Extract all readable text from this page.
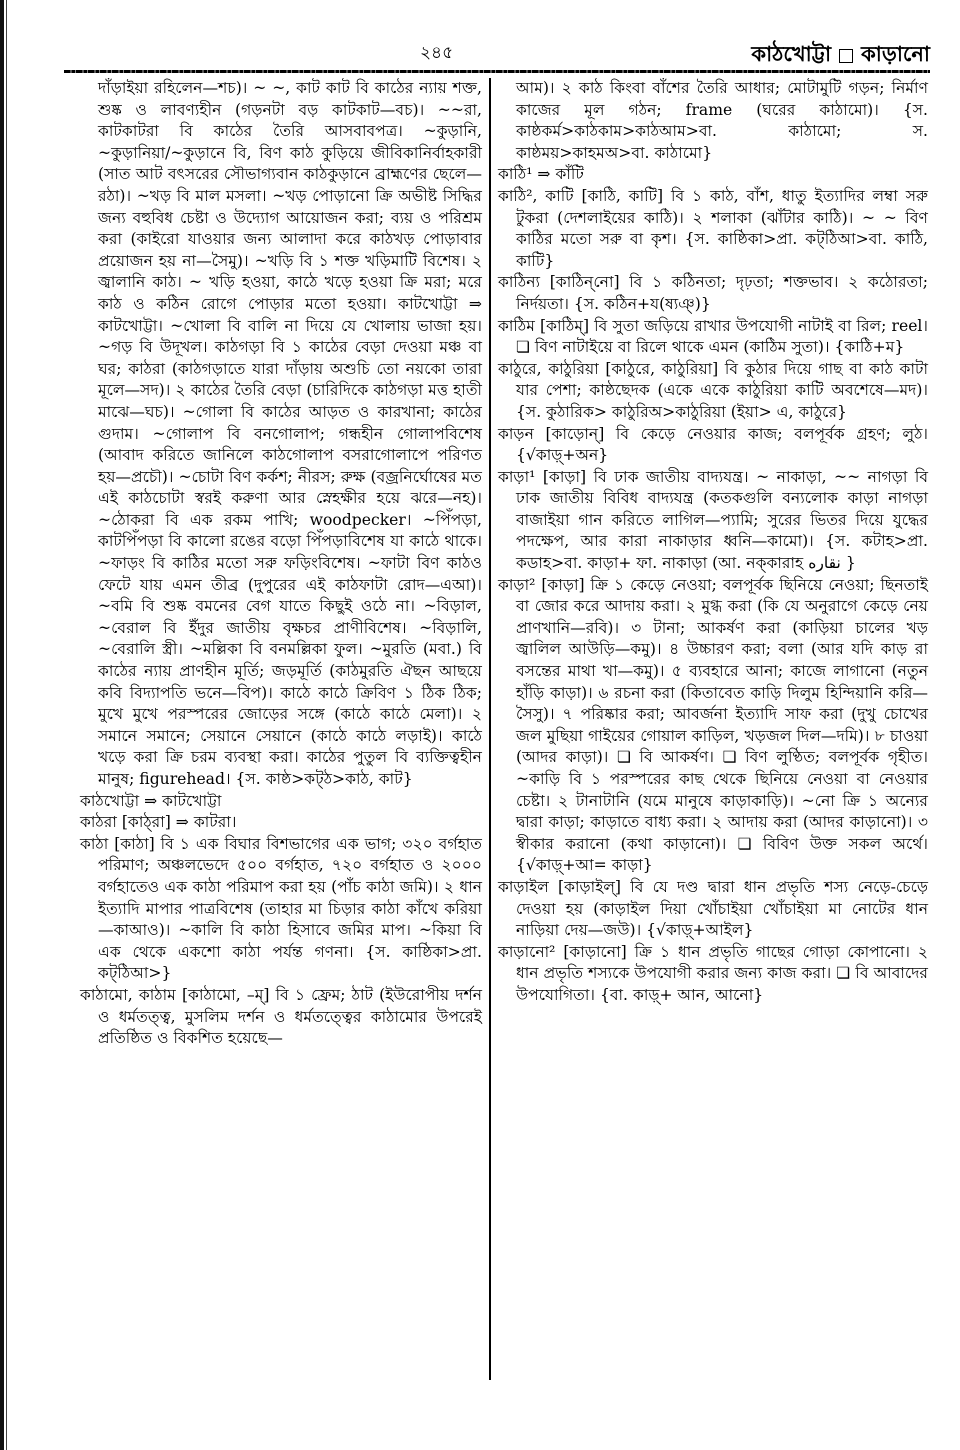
২৪৫	কাঠখোট্টা কাড়ানো

দাঁড়াইয়া রহিলেন—শচ)। ~ ~, কাট কাট বি কাঠের ন্যায় শক্ত, শুষ্ক ও লাবণ্যহীন (গড়নটা বড় কাটকাট—বচ)। ~~রা, কাটকাটরা বি কাঠের তৈরি আসবাবপত্র। ~কুড়ানি, ~কুড়ানিয়া/~কুড়ানে বি, বিণ কাঠ কুড়িয়ে জীবিকানির্বাহকারী (সাত আট বৎসরের সৌভাগ্যবান কাঠকুড়ানে ব্রাহ্মণের ছেলে—রঠা)। ~খড় বি মাল মসলা। ~খড় পোড়ানো ক্রি অভীষ্ট সিদ্ধির জন্য বহুবিধ চেষ্টা ও উদ্যোগ আয়োজন করা; ব্যয় ও পরিশ্রম করা (কাইরো যাওয়ার জন্য আলাদা করে কাঠখড় পোড়াবার প্রয়োজন হয় না—সৈমু)। ~খড়ি বি ১ শক্ত খড়িমাটি বিশেষ। ২ জ্বালানি কাঠ। ~ খড়ি হওয়া, কাঠে খড়ে হওয়া ক্রি মরা; মরে কাঠ ও কঠিন রোগে পোড়ার মতো হওয়া। কাটখোট্টা ⇒ কাটখোট্টা। ~খোলা বি বালি না দিয়ে যে খোলায় ভাজা হয়। ~গড় বি উদূখল। কাঠগড়া বি ১ কাঠের বেড়া দেওয়া মঞ্চ বা ঘর; কাঠরা (কাঠগড়াতে যারা দাঁড়ায় অশুচি তো নয়কো তারা মূলে—সদ)। ২ কাঠের তৈরি বেড়া (চারিদিকে কাঠগড়া মত্ত হাতী মাঝে—ঘচ)। ~গোলা বি কাঠের আড়ত ও কারখানা; কাঠের গুদাম। ~গোলাপ বি বনগোলাপ; গন্ধহীন গোলাপবিশেষ (আবাদ করিতে জানিলে কাঠগোলাপ বসরাগোলাপে পরিণত হয়—প্রচৌ)। ~চোটা বিণ কর্কশ; নীরস; রুক্ষ (বজ্রনির্ঘোষের মত এই কাঠচোটা স্বরই করুণা আর স্নেহক্ষীর হয়ে ঝরে—নহ)। ~ঠোকরা বি এক রকম পাখি; woodpecker। ~পিঁপড়া, কাটপিঁপড়া বি কালো রঙের বড়ো পিঁপড়াবিশেষ যা কাঠে থাকে। ~ফাড়ং বি কাঠির মতো সরু ফড়িংবিশেষ। ~ফাটা বিণ কাঠও ফেটে যায় এমন তীব্র (দুপুরের এই কাঠফাটা রোদ—এআ)। ~বমি বি শুষ্ক বমনের বেগ যাতে কিছুই ওঠে না। ~বিড়াল, ~বেরাল বি ইঁদুর জাতীয় বৃক্ষচর প্রাণীবিশেষ। ~বিড়ালি, ~বেরালি স্ত্রী। ~মল্লিকা বি বনমল্লিকা ফুল। ~মুরতি (মবা.) বি কাঠের ন্যায় প্রাণহীন মূর্তি; জড়মূর্তি (কাঠমুরতি ঐছন আছয়ে কবি বিদ্যাপতি ভনে—বিপ)। কাঠে কাঠে ক্রিবিণ ১ ঠিক ঠিক; মুখে মুখে পরস্পরের জোড়ের সঙ্গে (কাঠে কাঠে মেলা)। ২ সমানে সমানে; সেয়ানে সেয়ানে (কাঠে কাঠে লড়াই)। কাঠে খড়ে করা ক্রি চরম ব্যবস্থা করা। কাঠের পুতুল বি ব্যক্তিত্বহীন মানুষ; figurehead। {স. কাষ্ঠ>কট্‌ঠ>কাঠ, কাট}

কাঠখোট্টা ⇒ কাটখোট্টা

কাঠরা [কাঠ্‌রা] ⇒ কাটরা।

কাঠা [কাঠা] বি ১ এক বিঘার বিশভাগের এক ভাগ; ৩২০ বর্গহাত পরিমাণ; অঞ্চলভেদে ৫০০ বর্গহাত, ৭২০ বর্গহাত ও ২০০০ বর্গহাতেও এক কাঠা পরিমাপ করা হয় (পাঁচ কাঠা জমি)। ২ ধান ইত্যাদি মাপার পাত্রবিশেষ (তাহার মা চিড়ার কাঠা কাঁখে করিয়া—কাআও)। ~কালি বি কাঠা হিসাবে জমির মাপ। ~কিয়া বি এক থেকে একশো কাঠা পর্যন্ত গণনা। {স. কাষ্ঠিকা>প্রা. কট্‌ঠিআ>}

কাঠামো, কাঠাম [কাঠামো, –ম্‌] বি ১ ফ্রেম; ঠাট (ইউরোপীয় দর্শন ও ধর্মতত্ত্ব, মুসলিম দর্শন ও ধর্মতত্ত্বের কাঠামোর উপরেই প্রতিষ্ঠিত ও বিকশিত হয়েছে—

আম)। ২ কাঠ কিংবা বাঁশের তৈরি আধার; মোটামুটি গড়ন; নির্মাণ কাজের মূল গঠন; frame (ঘরের কাঠামো)। {স. কাষ্ঠকর্ম>কাঠকাম>কাঠআম>বা. কাঠামো; স. কাষ্ঠময়>কাহমঅ>বা. কাঠামো}

কাঠি¹ ⇒ কাঁটি

কাঠি², কাটি [কাঠি, কাটি] বি ১ কাঠ, বাঁশ, ধাতু ইত্যাদির লম্বা সরু টুকরা (দেশলাইয়ের কাঠি)। ২ শলাকা (ঝাঁটার কাঠি)। ~ ~ বিণ কাঠির মতো সরু বা কৃশ। {স. কাষ্ঠিকা>প্রা. কট্‌ঠিআ>বা. কাঠি, কাটি}

কাঠিন্য [কাঠিন্‌নো] বি ১ কঠিনতা; দৃঢ়তা; শক্তভাব। ২ কঠোরতা; নির্দয়তা। {স. কঠিন+য(ষ্যঞ্)}

কাঠিম [কাঠিম্‌] বি সুতা জড়িয়ে রাখার উপযোগী নাটাই বা রিল; reel। ❏ বিণ নাটাইয়ে বা রিলে থাকে এমন (কাঠিম সুতা)। {কাঠি+ম}

কাঠুরে, কাঠুরিয়া [কাঠুরে, কাঠুরিয়া] বি কুঠার দিয়ে গাছ বা কাঠ কাটা যার পেশা; কাষ্ঠছেদক (একে একে কাঠুরিয়া কাটি অবশেষে—মদ)। {স. কুঠারিক> কাঠুরিঅ>কাঠুরিয়া (ইয়া> এ, কাঠুরে}

কাড়ন [কাড়োন্‌] বি কেড়ে নেওয়ার কাজ; বলপূর্বক গ্রহণ; লুঠ। {√কাড়্‌+অন}

কাড়া¹ [কাড়া] বি ঢাক জাতীয় বাদ্যযন্ত্র। ~ নাকাড়া, ~~ নাগড়া বি ঢাক জাতীয় বিবিধ বাদ্যযন্ত্র (কতকগুলি বন্যলোক কাড়া নাগড়া বাজাইয়া গান করিতে লাগিল—প্যামি; সুরের ভিতর দিয়ে যুদ্ধের পদক্ষেপ, আর কারা নাকাড়ার ধ্বনি—কামো)। {স. কটাহ>প্রা. কডাহ>বা. কাড়া+ ফা. নাকাড়া (আ. নক্‌কারাহ نقاره }

কাড়া² [কাড়া] ক্রি ১ কেড়ে নেওয়া; বলপূর্বক ছিনিয়ে নেওয়া; ছিনতাই বা জোর করে আদায় করা। ২ মুগ্ধ করা (কি যে অনুরাগে কেড়ে নেয় প্রাণখানি—রবি)। ৩ টানা; আকর্ষণ করা (কাড়িয়া চালের খড় জ্বালিল আউড়ি—কমু)। ৪ উচ্চারণ করা; বলা (আর যদি কাড় রা বসন্তের মাথা খা—কমু)। ৫ ব্যবহারে আনা; কাজে লাগানো (নতুন হাঁড়ি কাড়া)। ৬ রচনা করা (কিতাবেত কাড়ি দিলুম হিন্দিয়ানি করি—সৈসু)। ৭ পরিষ্কার করা; আবর্জনা ইত্যাদি সাফ করা (দুখু চোখের জল মুছিয়া গাইয়ের গোয়াল কাড়িল, খড়জল দিল—দমি)। ৮ চাওয়া (আদর কাড়া)। ❏ বি আকর্ষণ। ❏ বিণ লুণ্ঠিত; বলপূর্বক গৃহীত। ~কাড়ি বি ১ পরস্পরের কাছ থেকে ছিনিয়ে নেওয়া বা নেওয়ার চেষ্টা। ২ টানাটানি (যমে মানুষে কাড়াকাড়ি)। ~নো ক্রি ১ অন্যের দ্বারা কাড়া; কাড়াতে বাধ্য করা। ২ আদায় করা (আদর কাড়ানো)। ৩ স্বীকার করানো (কথা কাড়ানো)। ❏ বিবিণ উক্ত সকল অর্থে। {√কাড়্‌+আ= কাড়া}

কাড়াইল [কাড়াইল্‌] বি যে দণ্ড দ্বারা ধান প্রভৃতি শস্য নেড়ে-চেড়ে দেওয়া হয় (কাড়াইল দিয়া খোঁচাইয়া খোঁচাইয়া মা নোটের ধান নাড়িয়া দেয়—জউ)। {√কাড়্‌+আইল}

কাড়ানো² [কাড়ানো] ক্রি ১ ধান প্রভৃতি গাছের গোড়া কোপানো। ২ ধান প্রভৃতি শস্যকে উপযোগী করার জন্য কাজ করা। ❏ বি আবাদের উপযোগিতা। {বা. কাড়্‌+ আন, আনো}
